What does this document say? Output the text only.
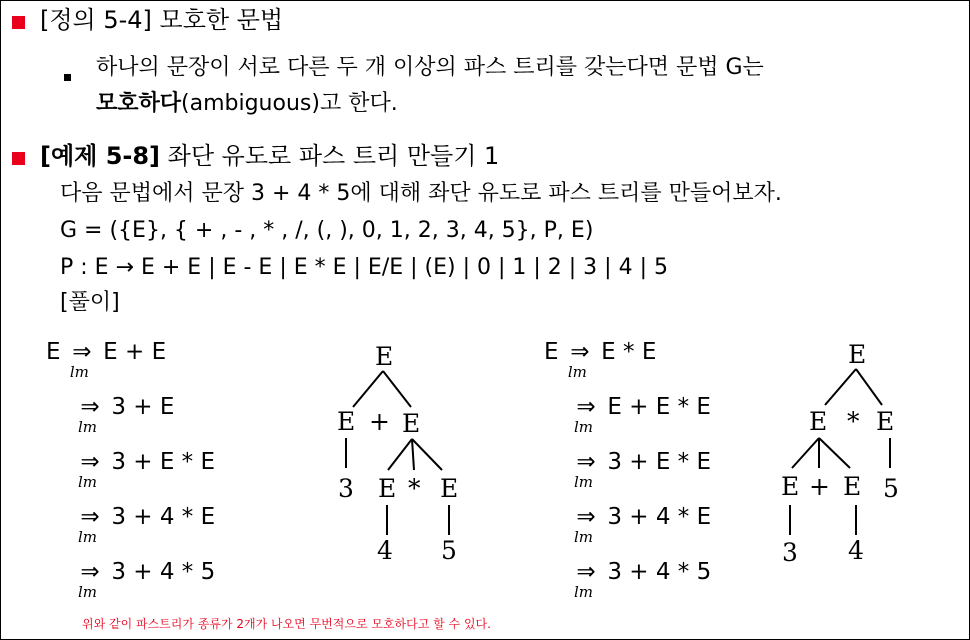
[정의 5-4] 모호한 문법
하나의 문장이 서로 다른 두 개 이상의 파스 트리를 갖는다면 문법 G는
모호하다(ambiguous)고 한다.
[예제 5-8] 좌단 유도로 파스 트리 만들기 1
다음 문법에서 문장 3 + 4 * 5에 대해 좌단 유도로 파스 트리를 만들어보자.
G = ({E}, { + , - , * , /, (, ), 0, 1, 2, 3, 4, 5}, P, E)
P : E → E + E | E - E | E * E | E/E | (E) | 0 | 1 | 2 | 3 | 4 | 5
[풀이]
E ⇒
lm
E + E
⇒
lm
3 + E
⇒
lm
3 + E * E
⇒
lm
3 + 4 * E
⇒
lm
3 + 4 * 5
E ⇒
lm
E * E
⇒
lm
E + E * E
⇒
lm
3 + E * E
⇒
lm
3 + 4 * E
⇒
lm
3 + 4 * 5
E
E + E
3 E * E
4 5
E
E * E
E + E 5
3 4
위와 같이 파스트리가 종류가 2개가 나오면 무번적으로 모호하다고 할 수 있다.
